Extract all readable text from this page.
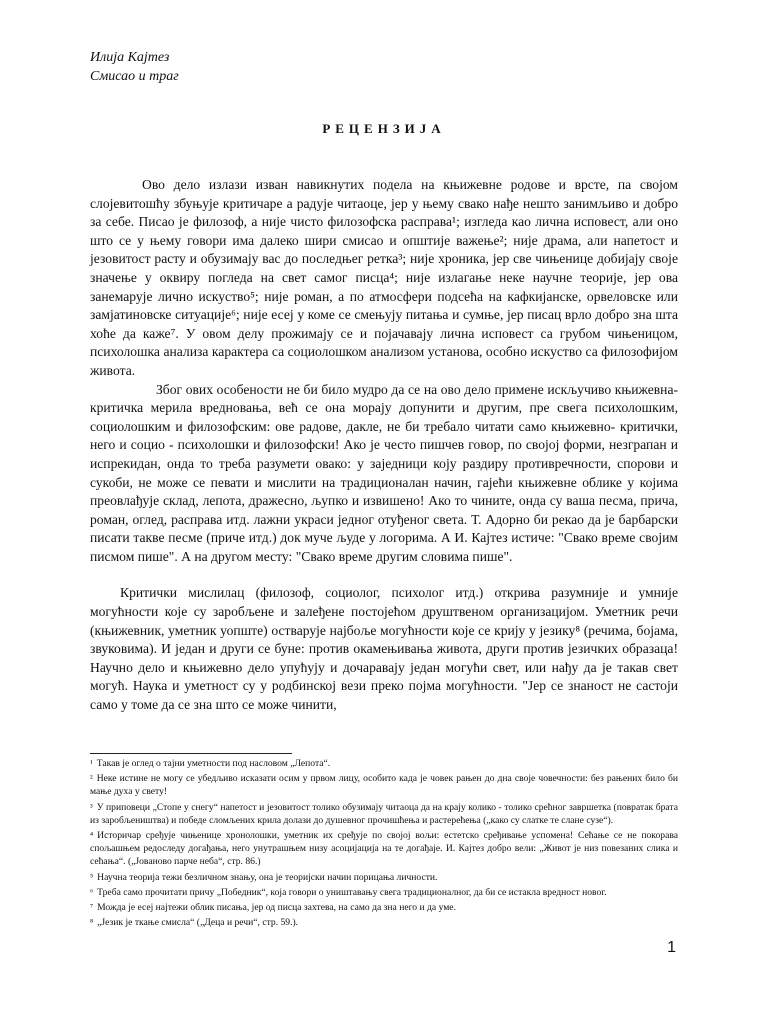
Илија Кајтез
Смисао и траг
РЕЦЕНЗИЈА

Ово дело излази изван навикнутих подела на књижевне родове и врсте, па својом слојевитошћу збуњује критичаре а радује читаоце, јер у њему свако нађе нешто занимљиво и добро за себе. Писао је филозоф, а није чисто филозофска расправа¹; изгледа као лична исповест, али оно што се у њему говори има далеко шири смисао и општије важење²; није драма, али напетост и језовитост расту и обузимају вас до последњег ретка³; није хроника, јер све чињенице добијају своје значење у оквиру погледа на свет самог писца⁴; није излагање неке научне теорије, јер ова занемарује лично искуство⁵; није роман, а по атмосфери подсећа на кафкијанске, орвеловске или замјатиновске ситуације⁶; није есеј у коме се смењују питања и сумње, јер писац врло добро зна шта хоће да каже⁷. У овом делу прожимају се и појачавају лична исповест са грубом чињеницом, психолошка анализа карактера са социолошком анализом установа, особно искуство са филозофијом живота.

Због ових особености не би било мудро да се на ово дело примене искључиво књижевна- критичка мерила вредновања, већ се она морају допунити и другим, пре свега психолошким, социолошким и филозофским: ове радове, дакле, не би требало читати само књижевно- критички, него и социо - психолошки и филозофски! Ако је често пишчев говор, по својој форми, незграпан и испрекидан, онда то треба разумети овако: у заједници коју раздиру противречности, спорови и сукоби, не може се певати и мислити на традиционалан начин, гајећи књижевне облике у којима преовлађује склад, лепота, дражесно, љупко и извишено! Ако то чините, онда су ваша песма, прича, роман, оглед, расправа итд. лажни украси једног отуђеног света. Т. Адорно би рекао да је барбарски писати такве песме (приче итд.) док муче људе у логорима. А И. Кајтез истиче: "Свако време својим писмом пише". А на другом месту: "Свако време другим словима пише".

Критички мислилац (филозоф, социолог, психолог итд.) открива разумније и умније могућности које су заробљене и залеђене постојећом друштвеном организацијом. Уметник речи (књижевник, уметник уопште) остварује најбоље могућности које се крију у језику⁸ (речима, бојама, звуковима). И један и други се буне: против окамењивања живота, други против језичких образаца! Научно дело и књижевно дело упућују и дочаравају један могући свет, или нађу да је такав свет могућ. Наука и уметност су у родбинској вези преко појма могућности. "Јер се знаност не састоји само у томе да се зна што се може чинити,

¹ Такав је оглед о тајни уметности под насловом „Лепота“.

² Неке истине не могу се убедљиво исказати осим у првом лицу, особито када је човек рањен до дна своје човечности: без рањених било би мање духа у свету!

³ У приповеци „Стопе у снегу“ напетост и језовитост толико обузимају читаоца да на крају колико - толико срећног завршетка (повратак брата из заробљеништва) и победе сломљених крила долази до душевног прочишћења и растерећења („како су слатке те слане сузе“).

⁴ Историчар сређује чињенице хронолошки, уметник их сређује по својој вољи: естетско сређивање успомена! Сећање се не покорава спољашњем редоследу догађања, него унутрашњем низу асоцијација на те догађаје. И. Кајтез добро вели: „Живот је низ повезаних слика и сећања“. („Јованово парче неба“, стр. 86.)

⁵ Научна теорија тежи безличном знању, она је теоријски начин порицања личности.

⁶ Треба само прочитати причу „Победник“, која говори о уништавању свега традиционалног, да би се истакла вредност новог.

⁷ Можда је есеј најтежи облик писања, јер од писца захтева, на само да зна него и да уме.

⁸ „Језик је ткање смисла“ („Деца и речи“, стр. 59.).

1
